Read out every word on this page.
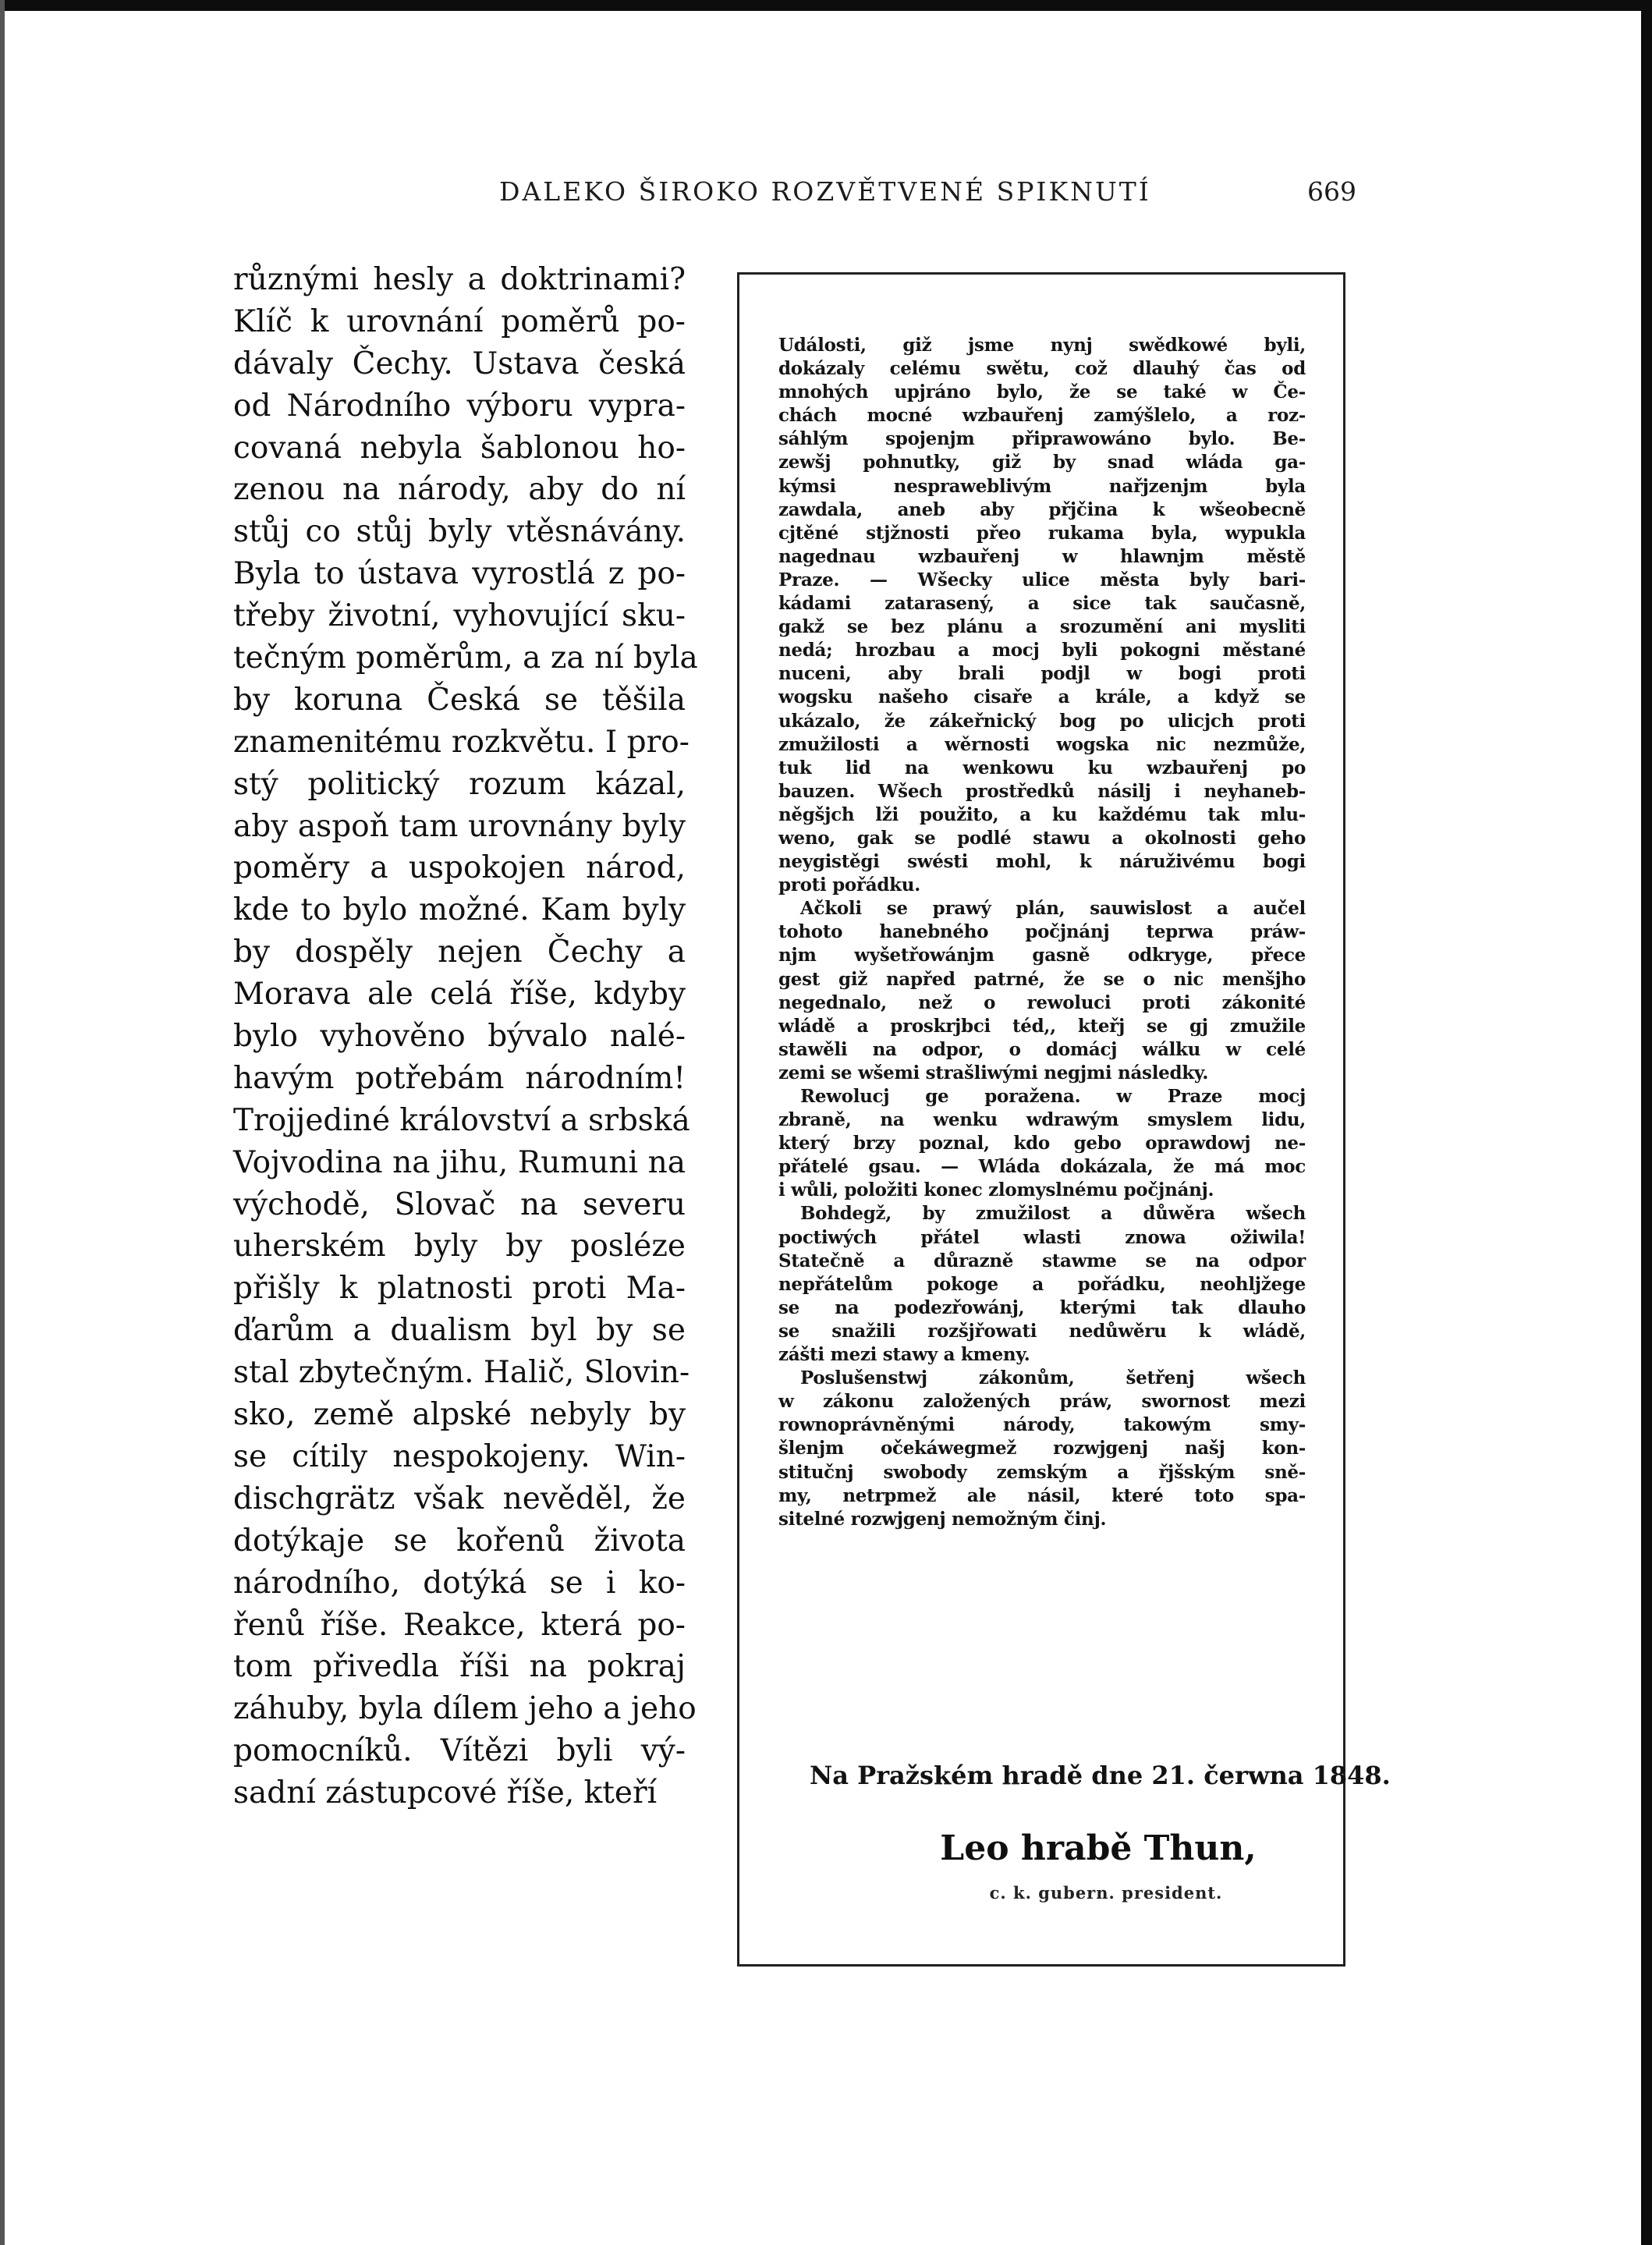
DALEKO ŠIROKO ROZVĚTVENÉ SPIKNUTÍ	669
různými hesly a doktrinami?
Klíč k urovnání poměrů po-
dávaly Čechy. Ustava česká
od Národního výboru vypra-
covaná nebyla šablonou ho-
zenou na národy, aby do ní
stůj co stůj byly vtěsnávány.
Byla to ústava vyrostlá z po-
třeby životní, vyhovující sku-
tečným poměrům, a za ní byla
by koruna Česká se těšila
znamenitému rozkvětu. I pro-
stý politický rozum kázal,
aby aspoň tam urovnány byly
poměry a uspokojen národ,
kde to bylo možné. Kam byly
by dospěly nejen Čechy a
Morava ale celá říše, kdyby
bylo vyhověno bývalo nalé-
havým potřebám národním!
Trojjediné království a srbská
Vojvodina na jihu, Rumuni na
východě, Slovač na severu
uherském byly by posléze
přišly k platnosti proti Ma-
ďarům a dualism byl by se
stal zbytečným. Halič, Slovin-
sko, země alpské nebyly by
se cítily nespokojeny. Win-
dischgrätz však nevěděl, že
dotýkaje se kořenů života
národního, dotýká se i ko-
řenů říše. Reakce, která po-
tom přivedla říši na pokraj
záhuby, byla dílem jeho a jeho
pomocníků. Vítězi byli vý-
sadní zástupcové říše, kteří
Události, giž jsme nynj swědkowé byli,
dokázaly celému swětu, což dlauhý čas od
mnohých upjráno bylo, že se také w Če-
chách mocné wzbauřenj zamýšlelo, a roz-
sáhlým spojenjm připrawowáno bylo. Be-
zewšj pohnutky, giž by snad wláda ga-
kýmsi nespraweblivým nařjzenjm byla
zawdala, aneb aby přjčina k wšeobecně
cjtěné stjžnosti přeo rukama byla, wypukla
nagednau wzbauřenj w hlawnjm městě
Praze. — Wšecky ulice města byly bari-
kádami zatarasený, a sice tak saučasně,
gakž se bez plánu a srozumění ani mysliti
nedá; hrozbau a mocj byli pokogni městané
nuceni, aby brali podjl w bogi proti
wogsku našeho cisaře a krále, a když se
ukázalo, že zákeřnický bog po ulicjch proti
zmužilosti a wěrnosti wogska nic nezmůže,
tuk lid na wenkowu ku wzbauřenj po
bauzen. Wšech prostředků násilj i neyhaneb-
něgšjch lži použito, a ku každému tak mlu-
weno, gak se podlé stawu a okolnosti geho
neygistěgi swésti mohl, k náruživému bogi
proti pořádku.
Ačkoli se prawý plán, sauwislost a aučel
tohoto hanebného počjnánj teprwa práw-
njm wyšetřowánjm gasně odkryge, přece
gest giž napřed patrné, že se o nic menšjho
negednalo, než o rewoluci proti zákonité
wládě a proskrjbci téd,, kteřj se gj zmužile
stawěli na odpor, o domácj wálku w celé
zemi se wšemi strašliwými negjmi následky.
Rewolucj ge poražena. w Praze mocj
zbraně, na wenku wdrawým smyslem lidu,
který brzy poznal, kdo gebo oprawdowj ne-
přátelé gsau. — Wláda dokázala, že má moc
i wůli, položiti konec zlomyslnému počjnánj.
Bohdegž, by zmužilost a důwěra wšech
poctiwých přátel wlasti znowa ožiwila!
Statečně a důrazně stawme se na odpor
nepřátelům pokoge a pořádku, neohljžege
se na podezřowánj, kterými tak dlauho
se snažili rozšjřowati nedůwěru k wládě,
zášti mezi stawy a kmeny.
Poslušenstwj zákonům, šetřenj wšech
w zákonu založených práw, swornost mezi
rownoprávněnými národy, takowým smy-
šlenjm očekáwegmež rozwjgenj našj kon-
stitučnj swobody zemským a řjšským sně-
my, netrpmež ale násil, které toto spa-
sitelné rozwjgenj nemožným činj.
Na Pražském hradě dne 21. čerwna 1848.
Leo hrabě Thun,
c. k. gubern. president.
